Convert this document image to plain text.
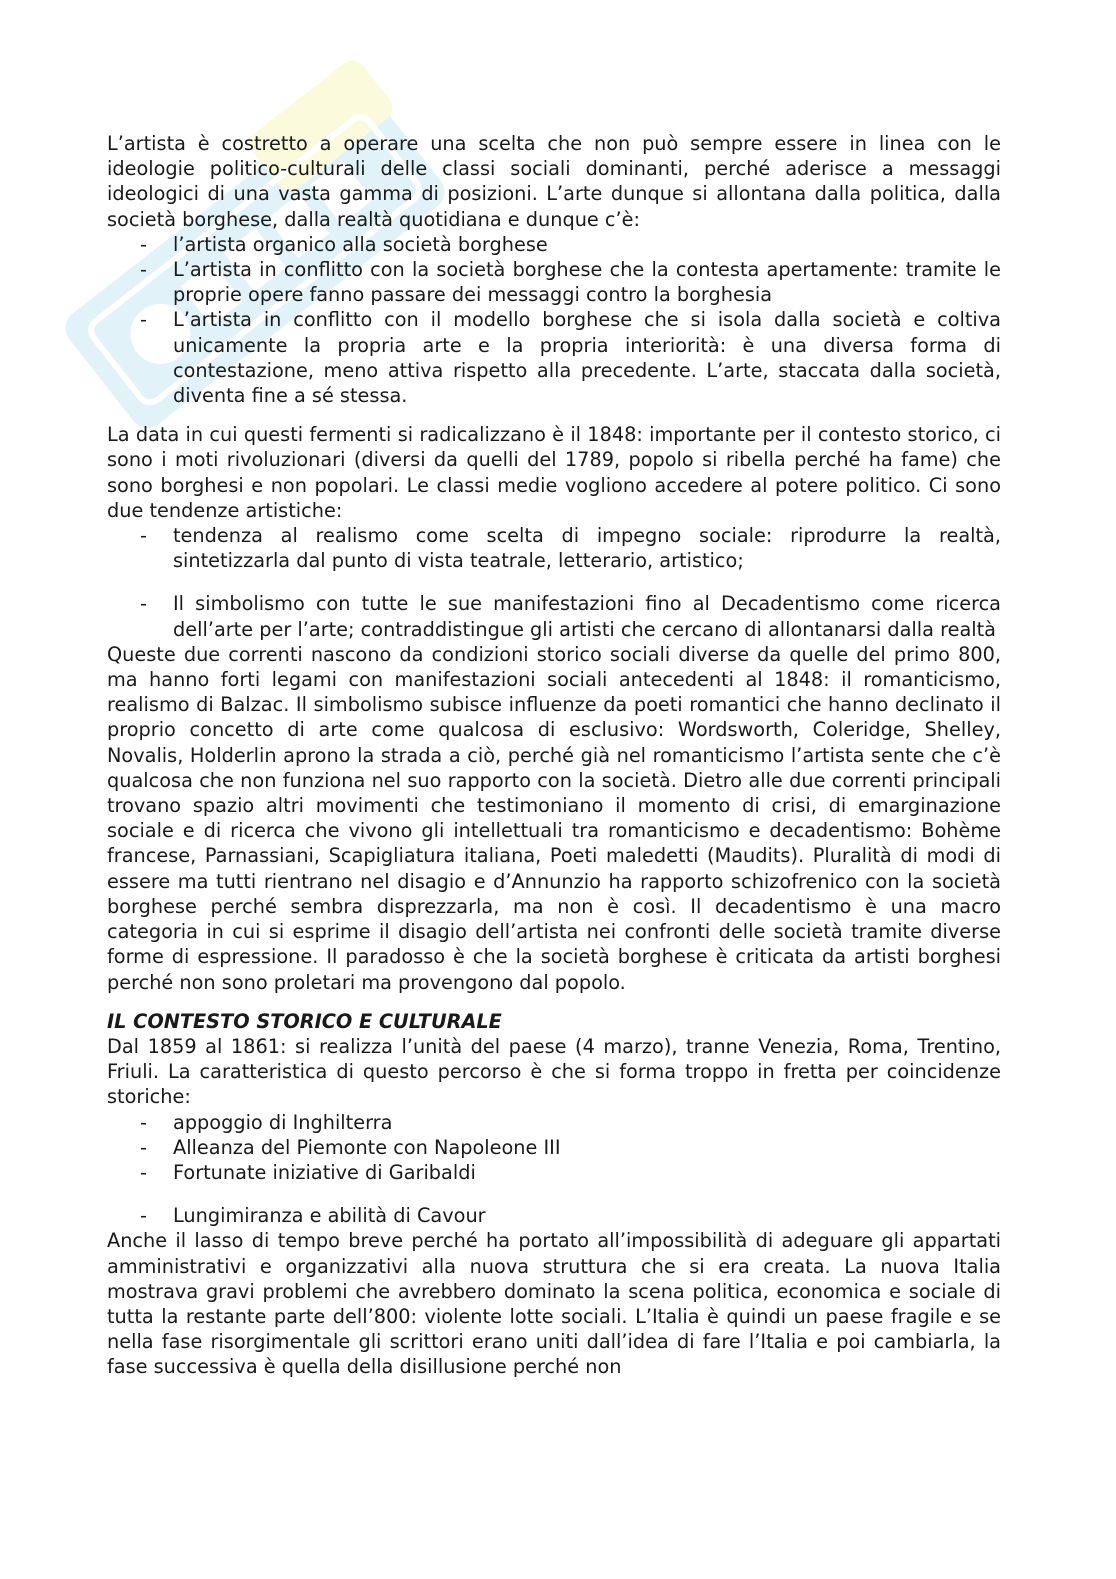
L’artista è costretto a operare una scelta che non può sempre essere in linea con le ideologie politico-culturali delle classi sociali dominanti, perché aderisce a messaggi ideologici di una vasta gamma di posizioni. L’arte dunque si allontana dalla politica, dalla società borghese, dalla realtà quotidiana e dunque c’è:

- l’artista organico alla società borghese
- L’artista in conflitto con la società borghese che la contesta apertamente: tramite le proprie opere fanno passare dei messaggi contro la borghesia
- L’artista in conflitto con il modello borghese che si isola dalla società e coltiva unicamente la propria arte e la propria interiorità: è una diversa forma di contestazione, meno attiva rispetto alla precedente. L’arte, staccata dalla società, diventa fine a sé stessa.

La data in cui questi fermenti si radicalizzano è il 1848: importante per il contesto storico, ci sono i moti rivoluzionari (diversi da quelli del 1789, popolo si ribella perché ha fame) che sono borghesi e non popolari. Le classi medie vogliono accedere al potere politico. Ci sono due tendenze artistiche:

- tendenza al realismo come scelta di impegno sociale: riprodurre la realtà, sintetizzarla dal punto di vista teatrale, letterario, artistico;
- Il simbolismo con tutte le sue manifestazioni fino al Decadentismo come ricerca dell’arte per l’arte; contraddistingue gli artisti che cercano di allontanarsi dalla realtà

Queste due correnti nascono da condizioni storico sociali diverse da quelle del primo 800, ma hanno forti legami con manifestazioni sociali antecedenti al 1848: il romanticismo, realismo di Balzac. Il simbolismo subisce influenze da poeti romantici che hanno declinato il proprio concetto di arte come qualcosa di esclusivo: Wordsworth, Coleridge, Shelley, Novalis, Holderlin aprono la strada a ciò, perché già nel romanticismo l’artista sente che c’è qualcosa che non funziona nel suo rapporto con la società. Dietro alle due correnti principali trovano spazio altri movimenti che testimoniano il momento di crisi, di emarginazione sociale e di ricerca che vivono gli intellettuali tra romanticismo e decadentismo: Bohème francese, Parnassiani, Scapigliatura italiana, Poeti maledetti (Maudits). Pluralità di modi di essere ma tutti rientrano nel disagio e d’Annunzio ha rapporto schizofrenico con la società borghese perché sembra disprezzarla, ma non è così. Il decadentismo è una macro categoria in cui si esprime il disagio dell’artista nei confronti delle società tramite diverse forme di espressione. Il paradosso è che la società borghese è criticata da artisti borghesi perché non sono proletari ma provengono dal popolo.

IL CONTESTO STORICO E CULTURALE

Dal 1859 al 1861: si realizza l’unità del paese (4 marzo), tranne Venezia, Roma, Trentino, Friuli. La caratteristica di questo percorso è che si forma troppo in fretta per coincidenze storiche:

- appoggio di Inghilterra
- Alleanza del Piemonte con Napoleone III
- Fortunate iniziative di Garibaldi
- Lungimiranza e abilità di Cavour

Anche il lasso di tempo breve perché ha portato all’impossibilità di adeguare gli appartati amministrativi e organizzativi alla nuova struttura che si era creata. La nuova Italia mostrava gravi problemi che avrebbero dominato la scena politica, economica e sociale di tutta la restante parte dell’800: violente lotte sociali. L’Italia è quindi un paese fragile e se nella fase risorgimentale gli scrittori erano uniti dall’idea di fare l’Italia e poi cambiarla, la fase successiva è quella della disillusione perché non
